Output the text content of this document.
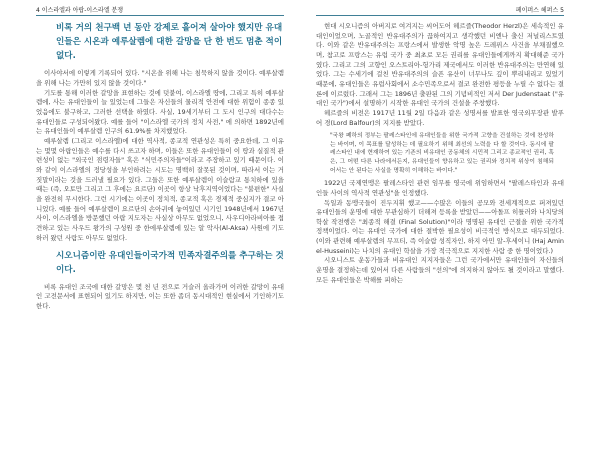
4 이스라엘과 아랍-이스라엘 분쟁	페이퍼스 헤퍼스 5
비록 거의 천구백 년 동안 강제로 흩어져 살아야 했지만 유대인들은 시온과 예루살렘에 대한 갈망을 단 한 번도 멈춘 적이 없다.

이사야서에 이렇게 기록되어 있다. "시온을 위해 나는 침묵하지 않을 것이다. 예루살렘을 위해 나는 가만히 있지 않을 것이다."

기도를 통해 이러한 갈망을 표현하는 것에 덧붙여, 이스라엘 땅에, 그리고 특히 예루살렘에, 사는 유대인들이 늘 있었는데 그들은 자신들의 물리적 안전에 대한 위험이 종종 있었음에도 불구하고, 그러한 선택을 하였다. 사실, 19세기부터 그 도시 인구의 대다수는 유대인들로 구성되어왔다. 예를 들어 "이스라엘 국가의 정치 사전," 에 의하면 1892년에는 유대인들이 예루살렘 인구의 61.9%를 차지했었다.

예루살렘 (그리고 이스라엘)에 대한 역사적, 종교적 연관성은 특히 중요한데, 그 이유는 몇몇 아랍인들은 예수를 다시 쓰고자 하며, 이들은 또한 유대인들이 이 땅과 실질적 관련성이 없는 "외국인 점령자들" 혹은 "식민주의자들"이라고 주장하고 있기 때문이다. 이와 같이 이스라엘의 정당성을 부인하려는 시도는 명백히 잘못된 것이며, 따라서 이는 거짓말이라는 것을 드러낼 필요가 있다. 그들은 또한 예루살렘이 이슬람교 통치하에 있을 때는 (즉, 오토만 그리고 그 후에는 요르단) 이곳이 항상 낙후지역이었다는 "불편한" 사실을 완전히 무시한다. 그런 시기에는 이곳이 정치적, 종교적 혹은 경제적 중심지가 결코 아니었다. 예를 들어 예루살렘이 요르단의 손아귀에 놓여있던 시기인 1948년에서 1967년 사이, 이스라엘을 방문했던 아랍 지도자는 사실상 아무도 없었으니, 사우디아라비아를 접견하고 있는 사우드 왕가의 구성원 중 한에루살렘에 있는 알 악사(Al-Aksa) 사원에 기도하러 왔던 사람도 아무도 없었다.

시오니즘이란 유대인들이국가적 민족자결주의를 추구하는 것이다.

비록 유대인 조국에 대한 갈망은 몇 천 년 전으로 거슬러 올라가며 이러한 갈망이 유대인 고전문서에 표현되어 있기도 하지만, 이는 또한 좀더 동시대적인 현실에서 기인하기도 한다.

현대 시오니즘의 아버지로 여겨지는 씨어도어 헤르즐(Theodor Herzl)은 세속적인 유대인이었으며, 노골적인 반유대주의가 끊하여지고 생각했던 비엔나 출신 저널리스트였다. 이와 같은 반유대주의는 프랑스에서 발생한 악명 높은 드레퓌스 사건을 부채질했으며, 참고로 프랑스는 유럽 국가 중 최초로 모든 권리를 유대인들에게까지 확대해준 국가였다. 그리고 그의 고향인 오스트리아-헝가리 제국에서도 이러한 반유대주의는 만연해 있었다. 그는 수세기에 걸친 반유대주의의 슬픈 유산이 너무나도 깊이 뿌리내리고 있었기 때문에, 유대인들은 유럽사회에서 소수민족으로서 결코 완전한 평등을 누릴 수 없다는 결론에 이르렀다. 그래서 그는 1896년 출판된 그의 기념비적인 저서 Der Judenstaat ("유대인 국가")에서 설명하기 시작한 유대인 국가의 건설을 주창했다.

헤르즐의 비전은 1917년 11월 2일 다음과 같은 성명서를 발표한 영국외무장관 발푸어 경(Lord Balfour)의 지지를 받았다.

"국왕 폐하의 정부는 팔레스타인에 유대인들을 위한 국가적 고향을 건설하는 것에 찬성하는 바이며, 이 목표를 달성하는 데 필요하기 위해 최선의 노력을 다 할 것이다. 동시에 팔레스타인 내에 현재하여 있는 기존의 비유대인 공동체의 시민적 그리고 종교적인 권리, 혹은, 그 어떤 다른 나라에서든지, 유대인들이 향유하고 있는 권리와 정치적 위상이 침해되어서는 안 된다는 사실을 명확히 이해하는 바이다."

1922년 국제연맹은 팔레스타인 관련 임무를 영국에 위임하면서 "팔레스타인과 유대인들 사이의 역사적 연관성"을 인정했다.

독일과 동맹국들이 진두지휘 했고——수많은 이들의 공모와 전세계적으로 퍼져있던 유대인들의 운명에 대한 무관심하기 더해져 등록을 받았던——아돌프 히틀러와 나치당의 학살 작전행은 "최종적 해결 (Final Solution)"이라 명명된 유대인 근절을 위한 국가적 정책이었다. 이는 유대인 국가에 대한 절박한 필요성이 비극적인 방식으로 대두되었다. (이와 관련해 예루살렘의 무프티, 즉 이슬람 성직자인, 하지 아민 알-후세이니 (Haj Amin el-Husseini)는 나치의 유대인 학살을 가장 적극적으로 지지한 사람 중 한 명이었다.)

시오니스트 운동가들과 비유대인 지지자들은 그런 국가에서만 유대인들이 자신들의 운명을 결정하는데 있어서 다른 사람들의 "선의"에 의지하지 않아도 될 것이라고 말했다. 모든 유대인들은 박해를 피하는
